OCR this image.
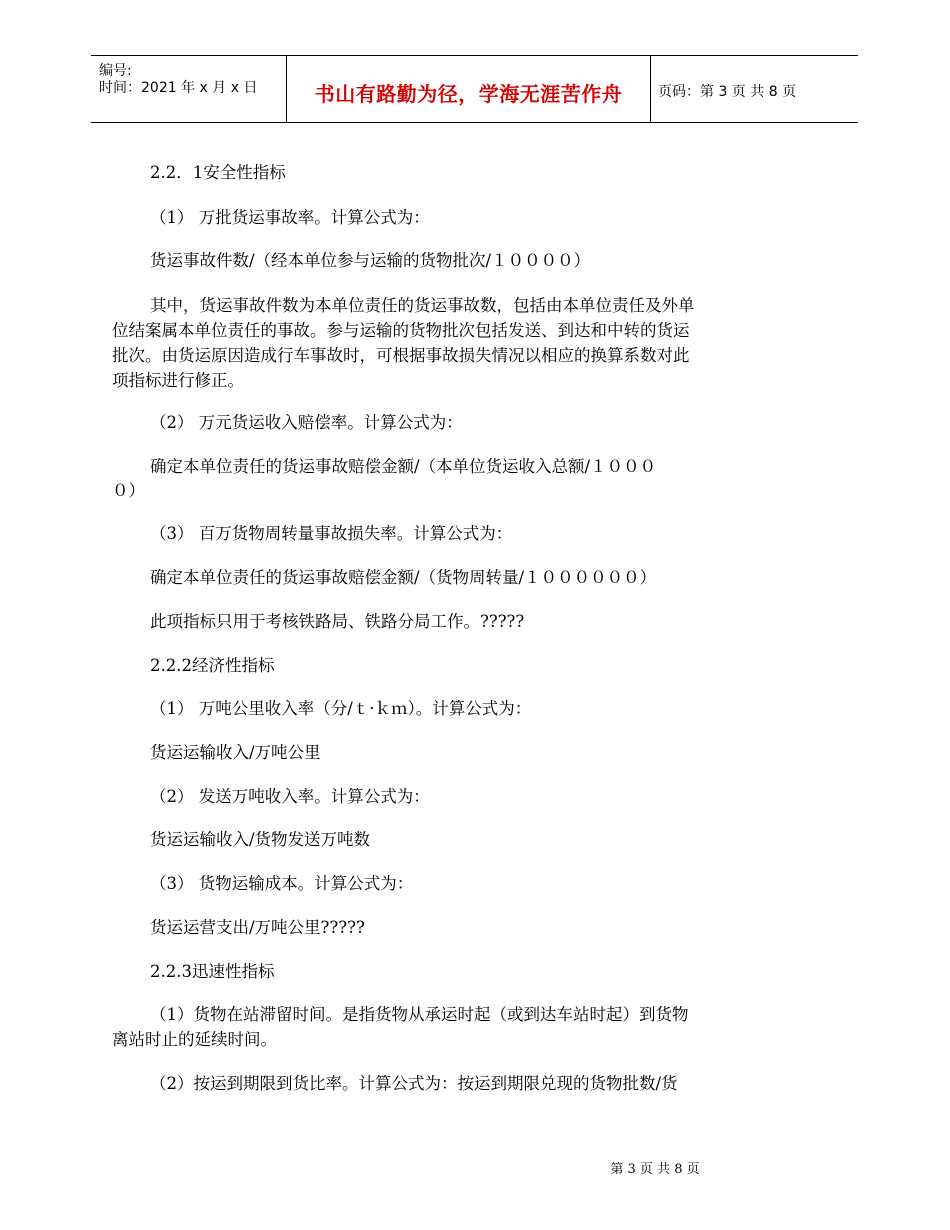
编号:
时间：2021 年 x 月 x 日	书山有路勤为径，学海无涯苦作舟	页码：第 3 页 共 8 页
2.2．1安全性指标
（1） 万批货运事故率。计算公式为：
货运事故件数/（经本单位参与运输的货物批次/１００００）
其中，货运事故件数为本单位责任的货运事故数，包括由本单位责任及外单
位结案属本单位责任的事故。参与运输的货物批次包括发送、到达和中转的货运
批次。由货运原因造成行车事故时，可根据事故损失情况以相应的换算系数对此
项指标进行修正。
（2） 万元货运收入赔偿率。计算公式为：
确定本单位责任的货运事故赔偿金额/（本单位货运收入总额/１０００
０）
（3） 百万货物周转量事故损失率。计算公式为：
确定本单位责任的货运事故赔偿金额/（货物周转量/１００００００）
此项指标只用于考核铁路局、铁路分局工作。?????
2.2.2经济性指标
（1） 万吨公里收入率（分/ｔ·ｋｍ）。计算公式为：
货运运输收入/万吨公里
（2） 发送万吨收入率。计算公式为：
货运运输收入/货物发送万吨数
（3） 货物运输成本。计算公式为：
货运运营支出/万吨公里?????
2.2.3迅速性指标
（1）货物在站滞留时间。是指货物从承运时起（或到达车站时起）到货物
离站时止的延续时间。
（2）按运到期限到货比率。计算公式为：按运到期限兑现的货物批数/货
第 3 页 共 8 页
